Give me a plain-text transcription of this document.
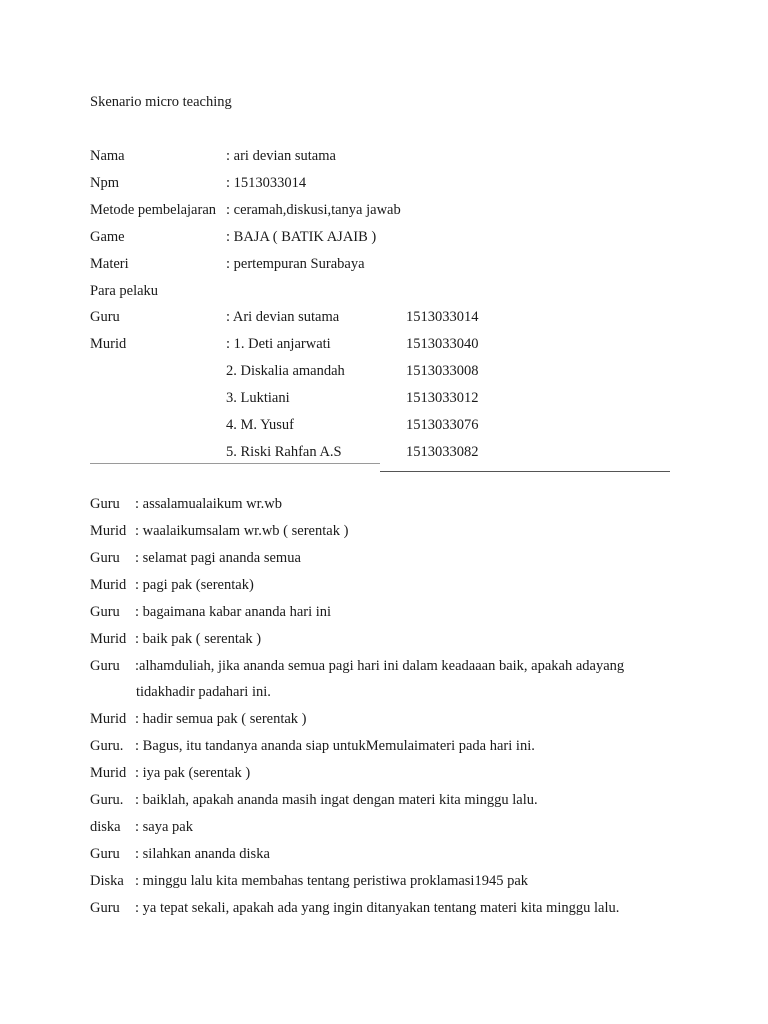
Skenario micro teaching
Nama	: ari devian sutama
Npm	: 1513033014
Metode pembelajaran : ceramah,diskusi,tanya jawab
Game	: BAJA ( BATIK AJAIB )
Materi	: pertempuran Surabaya
Para pelaku
Guru	: Ari devian sutama	1513033014
Murid	: 1. Deti anjarwati	1513033040
2. Diskalia amandah	1513033008
3. Luktiani	1513033012
4. M. Yusuf	1513033076
5. Riski Rahfan A.S	1513033082
Guru : assalamualaikum wr.wb
Murid : waalaikumsalam wr.wb ( serentak )
Guru : selamat pagi ananda semua
Murid : pagi pak (serentak)
Guru : bagaimana kabar ananda hari ini
Murid : baik pak ( serentak )
Guru :alhamduliah, jika ananda semua pagi hari ini dalam keadaaan baik, apakah adayang
tidakhadir padahari ini.
Murid : hadir semua pak ( serentak )
Guru. : Bagus, itu tandanya ananda siap untukMemulaimateri pada hari ini.
Murid : iya pak (serentak )
Guru. : baiklah, apakah ananda masih ingat dengan materi kita minggu lalu.
diska : saya pak
Guru : silahkan ananda diska
Diska : minggu lalu kita membahas tentang peristiwa proklamasi1945 pak
Guru : ya tepat sekali, apakah ada yang ingin ditanyakan tentang materi kita minggu lalu.
